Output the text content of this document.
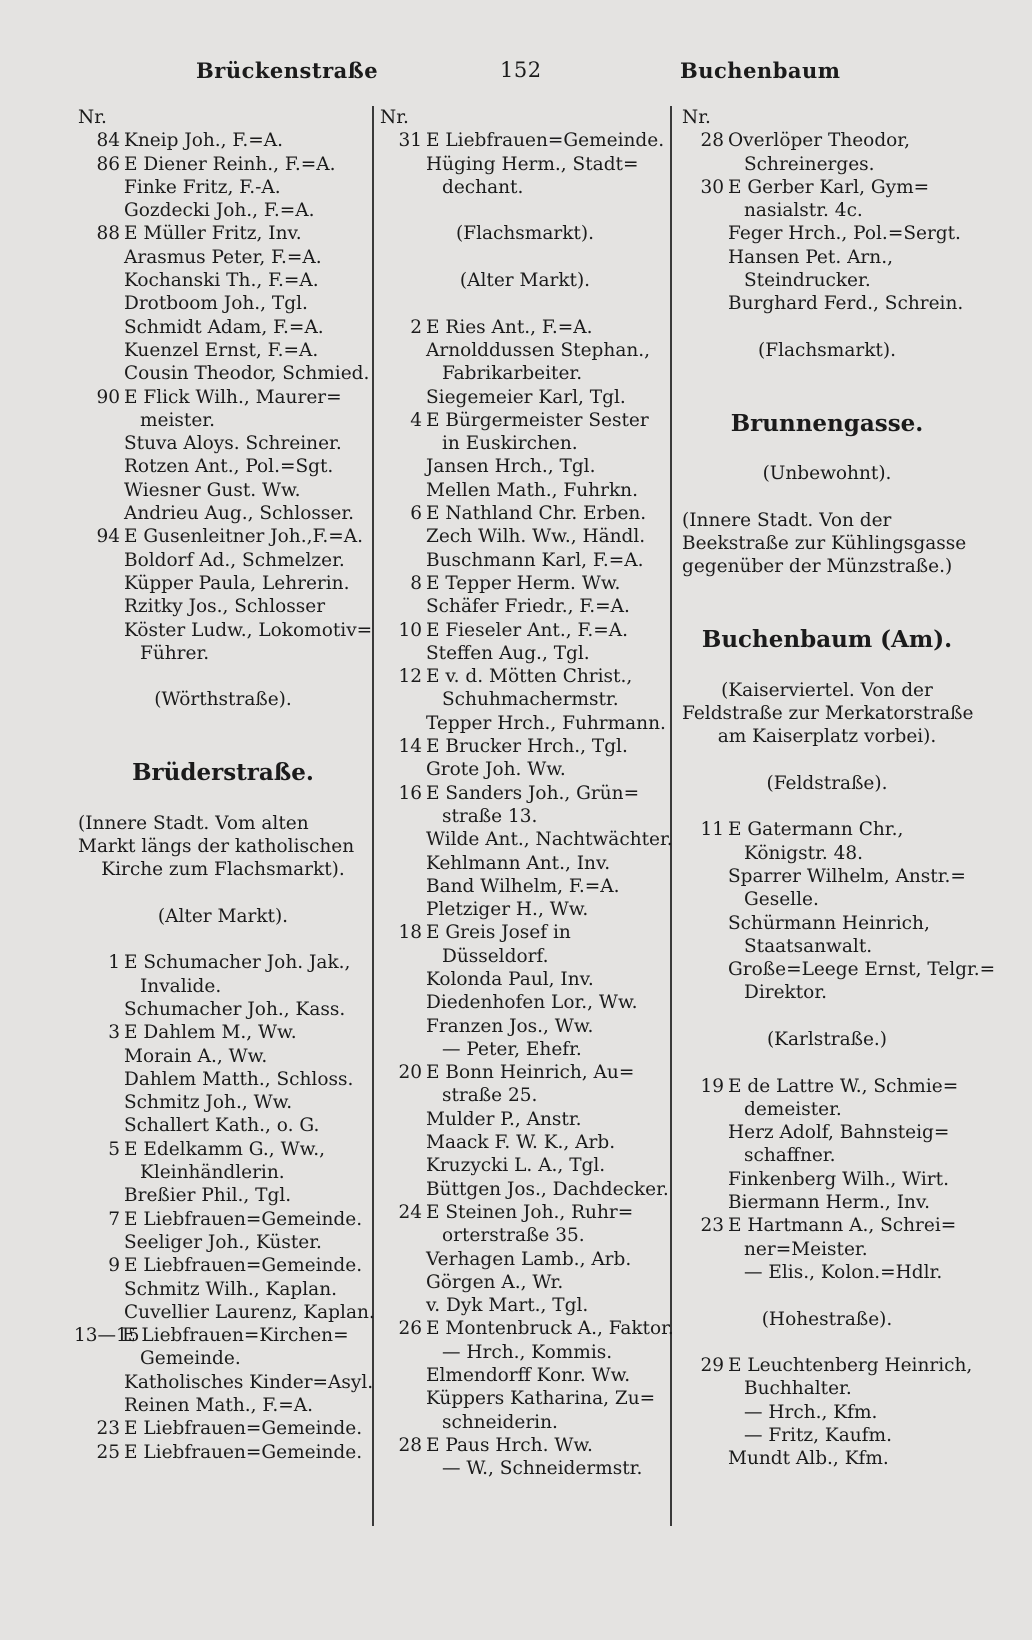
Brückenstraße	152	Buchenbaum
Nr.
84 Kneip Joh., F.=A.
86 E Diener Reinh., F.=A.
Finke Fritz, F.-A.
Gozdecki Joh., F.=A.
88 E Müller Fritz, Inv.
Arasmus Peter, F.=A.
Kochanski Th., F.=A.
Drotboom Joh., Tgl.
Schmidt Adam, F.=A.
Kuenzel Ernst, F.=A.
Cousin Theodor, Schmied.
90 E Flick Wilh., Maurer=
meister.
Stuva Aloys. Schreiner.
Rotzen Ant., Pol.=Sgt.
Wiesner Gust. Ww.
Andrieu Aug., Schlosser.
94 E Gusenleitner Joh.,F.=A.
Boldorf Ad., Schmelzer.
Küpper Paula, Lehrerin.
Rzitky Jos., Schlosser
Köster Ludw., Lokomotiv=
Führer.
(Wörthstraße).
Brüderstraße.
(Innere Stadt. Vom alten
Markt längs der katholischen
Kirche zum Flachsmarkt).
(Alter Markt).
1 E Schumacher Joh. Jak.,
Invalide.
Schumacher Joh., Kass.
3 E Dahlem M., Ww.
Morain A., Ww.
Dahlem Matth., Schloss.
Schmitz Joh., Ww.
Schallert Kath., o. G.
5 E Edelkamm G., Ww.,
Kleinhändlerin.
Breßier Phil., Tgl.
7 E Liebfrauen=Gemeinde.
Seeliger Joh., Küster.
9 E Liebfrauen=Gemeinde.
Schmitz Wilh., Kaplan.
Cuvellier Laurenz, Kaplan.
13—15
E Liebfrauen=Kirchen=
Gemeinde.
Katholisches Kinder=Asyl.
Reinen Math., F.=A.
23 E Liebfrauen=Gemeinde.
25 E Liebfrauen=Gemeinde.
Nr.
31 E Liebfrauen=Gemeinde.
Hüging Herm., Stadt=
dechant.
(Flachsmarkt).
(Alter Markt).
2 E Ries Ant., F.=A.
Arnolddussen Stephan.,
Fabrikarbeiter.
Siegemeier Karl, Tgl.
4 E Bürgermeister Sester
in Euskirchen.
Jansen Hrch., Tgl.
Mellen Math., Fuhrkn.
6 E Nathland Chr. Erben.
Zech Wilh. Ww., Händl.
Buschmann Karl, F.=A.
8 E Tepper Herm. Ww.
Schäfer Friedr., F.=A.
10 E Fieseler Ant., F.=A.
Steffen Aug., Tgl.
12 E v. d. Mötten Christ.,
Schuhmachermstr.
Tepper Hrch., Fuhrmann.
14 E Brucker Hrch., Tgl.
Grote Joh. Ww.
16 E Sanders Joh., Grün=
straße 13.
Wilde Ant., Nachtwächter.
Kehlmann Ant., Inv.
Band Wilhelm, F.=A.
Pletziger H., Ww.
18 E Greis Josef in
Düsseldorf.
Kolonda Paul, Inv.
Diedenhofen Lor., Ww.
Franzen Jos., Ww.
— Peter, Ehefr.
20 E Bonn Heinrich, Au=
straße 25.
Mulder P., Anstr.
Maack F. W. K., Arb.
Kruzycki L. A., Tgl.
Büttgen Jos., Dachdecker.
24 E Steinen Joh., Ruhr=
orterstraße 35.
Verhagen Lamb., Arb.
Görgen A., Wr.
v. Dyk Mart., Tgl.
26 E Montenbruck A., Faktor.
— Hrch., Kommis.
Elmendorff Konr. Ww.
Küppers Katharina, Zu=
schneiderin.
28 E Paus Hrch. Ww.
— W., Schneidermstr.
Nr.
28 Overlöper Theodor,
Schreinerges.
30 E Gerber Karl, Gym=
nasialstr. 4c.
Feger Hrch., Pol.=Sergt.
Hansen Pet. Arn.,
Steindrucker.
Burghard Ferd., Schrein.
(Flachsmarkt).
Brunnengasse.
(Unbewohnt).
(Innere Stadt. Von der
Beekstraße zur Kühlingsgasse
gegenüber der Münzstraße.)
Buchenbaum (Am).
(Kaiserviertel. Von der
Feldstraße zur Merkatorstraße
am Kaiserplatz vorbei).
(Feldstraße).
11 E Gatermann Chr.,
Königstr. 48.
Sparrer Wilhelm, Anstr.=
Geselle.
Schürmann Heinrich,
Staatsanwalt.
Große=Leege Ernst, Telgr.=
Direktor.
(Karlstraße.)
19 E de Lattre W., Schmie=
demeister.
Herz Adolf, Bahnsteig=
schaffner.
Finkenberg Wilh., Wirt.
Biermann Herm., Inv.
23 E Hartmann A., Schrei=
ner=Meister.
— Elis., Kolon.=Hdlr.
(Hohestraße).
29 E Leuchtenberg Heinrich,
Buchhalter.
— Hrch., Kfm.
— Fritz, Kaufm.
Mundt Alb., Kfm.
